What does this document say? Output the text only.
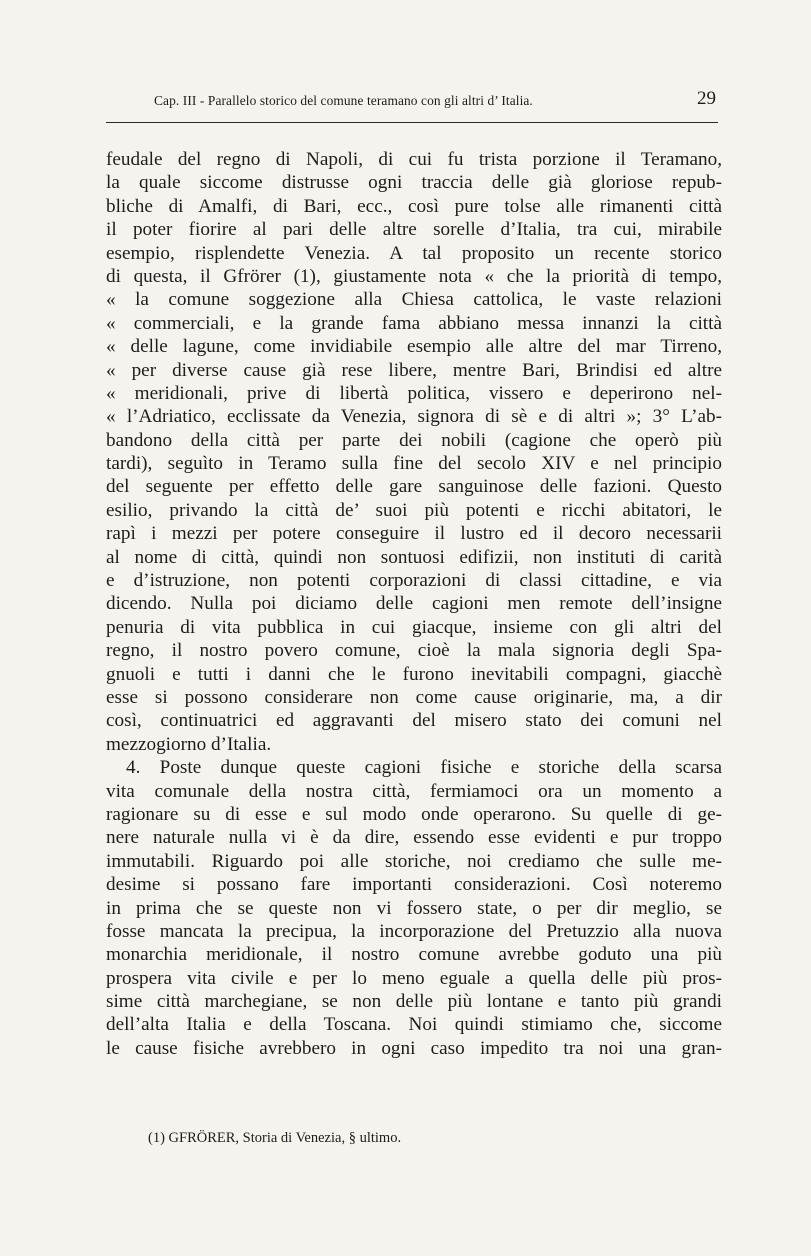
Cap. III - Parallelo storico del comune teramano con gli altri d’ Italia.	29
feudale del regno di Napoli, di cui fu trista porzione il Teramano,
la quale siccome distrusse ogni traccia delle già gloriose repub-
bliche di Amalfi, di Bari, ecc., così pure tolse alle rimanenti città
il poter fiorire al pari delle altre sorelle d’Italia, tra cui, mirabile
esempio, risplendette Venezia. A tal proposito un recente storico
di questa, il Gfrörer (1), giustamente nota « che la priorità di tempo,
« la comune soggezione alla Chiesa cattolica, le vaste relazioni
« commerciali, e la grande fama abbiano messa innanzi la città
« delle lagune, come invidiabile esempio alle altre del mar Tirreno,
« per diverse cause già rese libere, mentre Bari, Brindisi ed altre
« meridionali, prive di libertà politica, vissero e deperirono nel-
« l’Adriatico, ecclissate da Venezia, signora di sè e di altri »; 3° L’ab-
bandono della città per parte dei nobili (cagione che operò più
tardi), seguìto in Teramo sulla fine del secolo XIV e nel principio
del seguente per effetto delle gare sanguinose delle fazioni. Questo
esilio, privando la città de’ suoi più potenti e ricchi abitatori, le
rapì i mezzi per potere conseguire il lustro ed il decoro necessarii
al nome di città, quindi non sontuosi edifizii, non instituti di carità
e d’istruzione, non potenti corporazioni di classi cittadine, e via
dicendo. Nulla poi diciamo delle cagioni men remote dell’insigne
penuria di vita pubblica in cui giacque, insieme con gli altri del
regno, il nostro povero comune, cioè la mala signoria degli Spa-
gnuoli e tutti i danni che le furono inevitabili compagni, giacchè
esse si possono considerare non come cause originarie, ma, a dir
così, continuatrici ed aggravanti del misero stato dei comuni nel
mezzogiorno d’Italia.
4. Poste dunque queste cagioni fisiche e storiche della scarsa
vita comunale della nostra città, fermiamoci ora un momento a
ragionare su di esse e sul modo onde operarono. Su quelle di ge-
nere naturale nulla vi è da dire, essendo esse evidenti e pur troppo
immutabili. Riguardo poi alle storiche, noi crediamo che sulle me-
desime si possano fare importanti considerazioni. Così noteremo
in prima che se queste non vi fossero state, o per dir meglio, se
fosse mancata la precipua, la incorporazione del Pretuzzio alla nuova
monarchia meridionale, il nostro comune avrebbe goduto una più
prospera vita civile e per lo meno eguale a quella delle più pros-
sime città marchegiane, se non delle più lontane e tanto più grandi
dell’alta Italia e della Toscana. Noi quindi stimiamo che, siccome
le cause fisiche avrebbero in ogni caso impedito tra noi una gran-
(1) GFRÖRER, Storia di Venezia, § ultimo.
